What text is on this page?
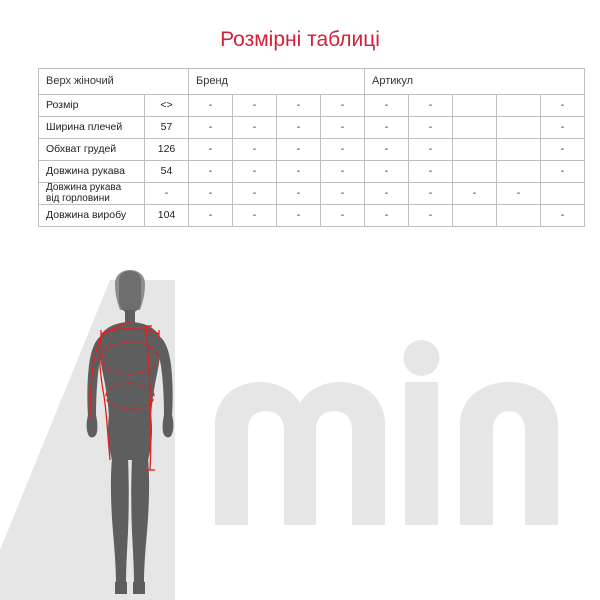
Розмірні таблиці
Верх жіночий		Бренд				Артикул				
Розмір	<>	-	-	-	-	-	-			-
Ширина плечей	57	-	-	-	-	-	-			-
Обхват грудей	126	-	-	-	-	-	-			-
Довжина рукава	54	-	-	-	-	-	-			-

Довжина рукава
від горловини	-	-	-	-	-	-	-	-	-	
Довжина виробу	104	-	-	-	-	-	-			-
